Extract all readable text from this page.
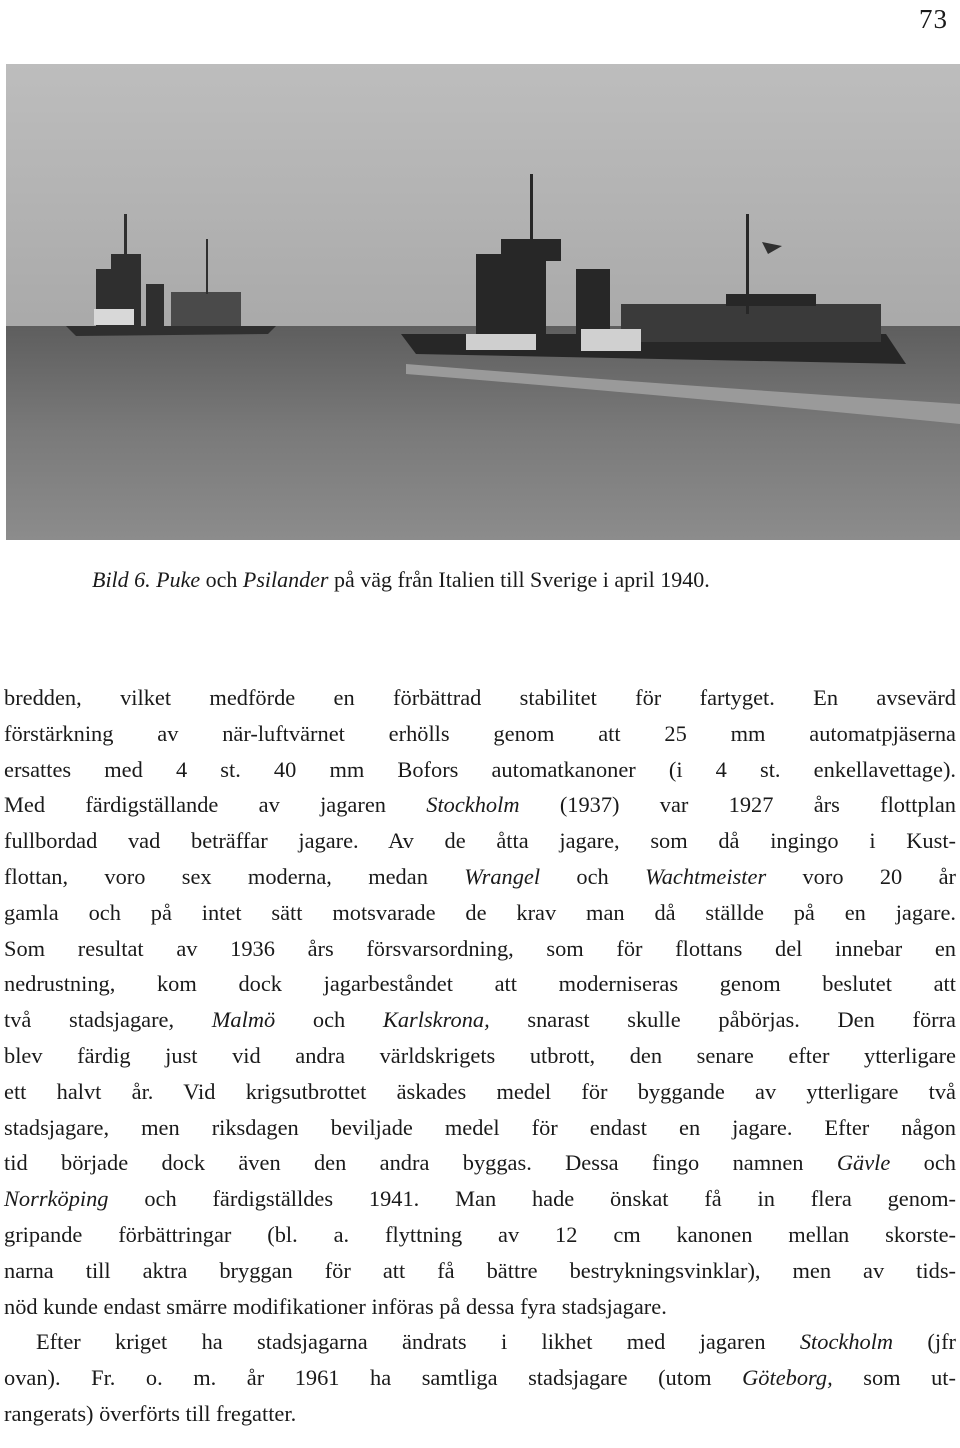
73
Bild 6. Puke och Psilander på väg från Italien till Sverige i april 1940.
bredden, vilket medförde en förbättrad stabilitet för fartyget. En avsevärd
förstärkning av när-luftvärnet erhölls genom att 25 mm automatpjäserna
ersattes med 4 st. 40 mm Bofors automatkanoner (i 4 st. enkellavettage).
Med färdigställande av jagaren Stockholm (1937) var 1927 års flottplan
fullbordad vad beträffar jagare. Av de åtta jagare, som då ingingo i Kust-
flottan, voro sex moderna, medan Wrangel och Wachtmeister voro 20 år
gamla och på intet sätt motsvarade de krav man då ställde på en jagare.
Som resultat av 1936 års försvarsordning, som för flottans del innebar en
nedrustning, kom dock jagarbeståndet att moderniseras genom beslutet att
två stadsjagare, Malmö och Karlskrona, snarast skulle påbörjas. Den förra
blev färdig just vid andra världskrigets utbrott, den senare efter ytterligare
ett halvt år. Vid krigsutbrottet äskades medel för byggande av ytterligare två
stadsjagare, men riksdagen beviljade medel för endast en jagare. Efter någon
tid började dock även den andra byggas. Dessa fingo namnen Gävle och
Norrköping och färdigställdes 1941. Man hade önskat få in flera genom-
gripande förbättringar (bl. a. flyttning av 12 cm kanonen mellan skorste-
narna till aktra bryggan för att få bättre bestrykningsvinklar), men av tids-
nöd kunde endast smärre modifikationer införas på dessa fyra stadsjagare.
Efter kriget ha stadsjagarna ändrats i likhet med jagaren Stockholm (jfr
ovan). Fr. o. m. år 1961 ha samtliga stadsjagare (utom Göteborg, som ut-
rangerats) överförts till fregatter.
